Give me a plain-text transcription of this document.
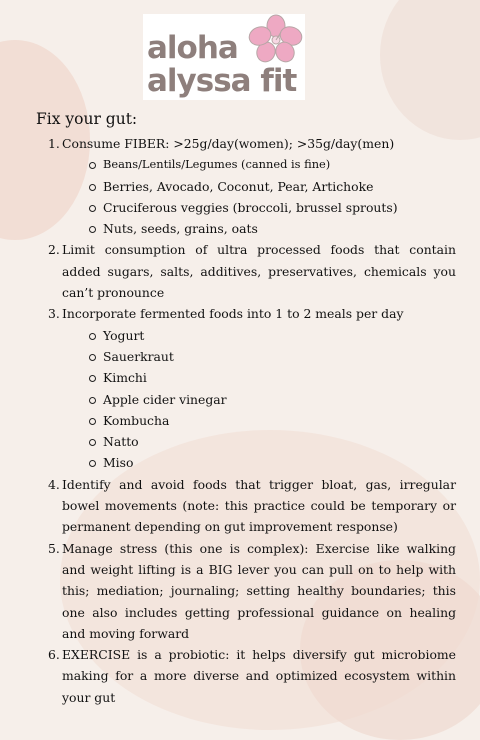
aloha
alyssa fit
Fix your gut:
1. Consume FIBER: >25g/day(women); >35g/day(men)
Beans/Lentils/Legumes (canned is fine)
Berries, Avocado, Coconut, Pear, Artichoke
Cruciferous veggies (broccoli, brussel sprouts)
Nuts, seeds, grains, oats
2. Limit consumption of ultra processed foods that contain added sugars, salts, additives, preservatives, chemicals you can’t pronounce
3. Incorporate fermented foods into 1 to 2 meals per day
Yogurt
Sauerkraut
Kimchi
Apple cider vinegar
Kombucha
Natto
Miso
4. Identify and avoid foods that trigger bloat, gas, irregular bowel movements (note: this practice could be temporary or permanent depending on gut improvement response)
5. Manage stress (this one is complex): Exercise like walking and weight lifting is a BIG lever you can pull on to help with this; mediation; journaling; setting healthy boundaries; this one also includes getting professional guidance on healing and moving forward
6. EXERCISE is a probiotic: it helps diversify gut microbiome making for a more diverse and optimized ecosystem within your gut
